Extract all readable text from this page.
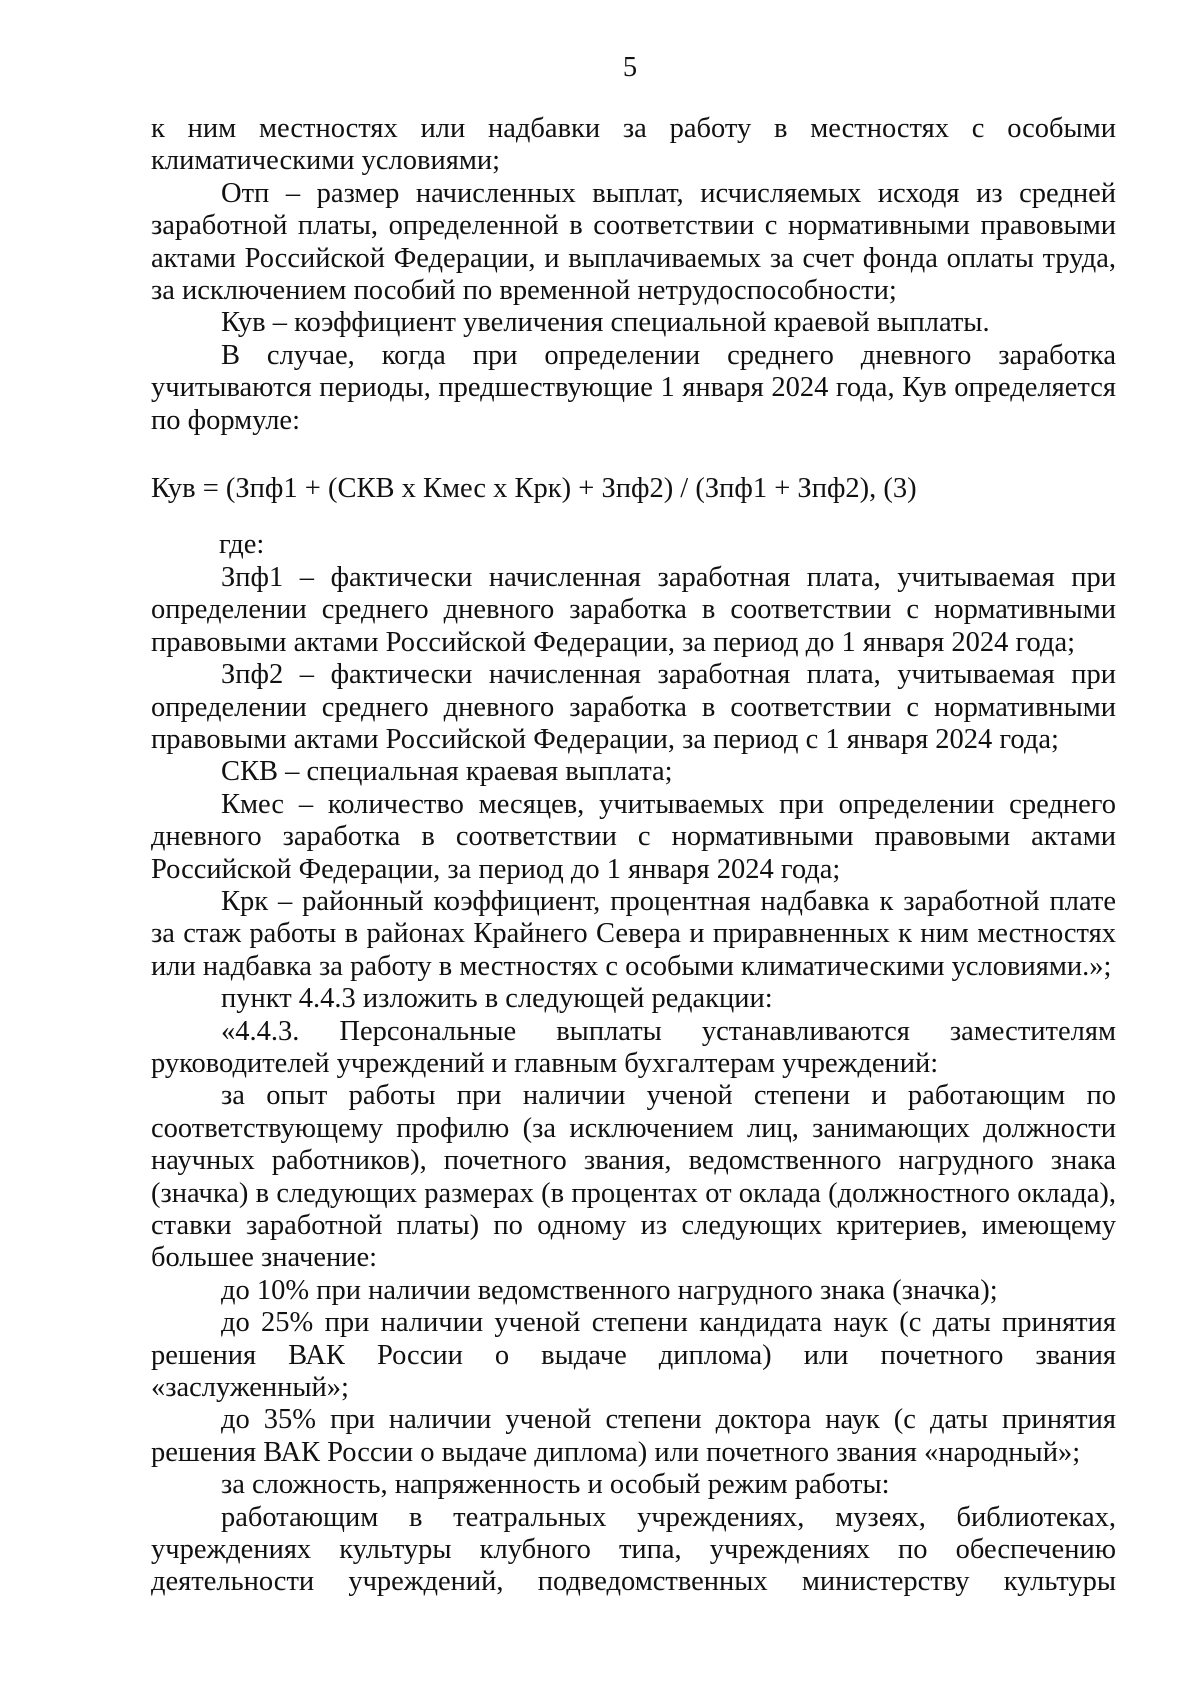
5

к ним местностях или надбавки за работу в местностях с особыми климатическими условиями;

Отп – размер начисленных выплат, исчисляемых исходя из средней заработной платы, определенной в соответствии с нормативными правовыми актами Российской Федерации, и выплачиваемых за счет фонда оплаты труда, за исключением пособий по временной нетрудоспособности;

Кув – коэффициент увеличения специальной краевой выплаты.

В случае, когда при определении среднего дневного заработка учитываются периоды, предшествующие 1 января 2024 года, Кув определяется по формуле:

Кув = (Зпф1 + (СКВ х Кмес х Крк) + Зпф2) / (Зпф1 + Зпф2), (3)

где:

Зпф1 – фактически начисленная заработная плата, учитываемая при определении среднего дневного заработка в соответствии с нормативными правовыми актами Российской Федерации, за период до 1 января 2024 года;

Зпф2 – фактически начисленная заработная плата, учитываемая при определении среднего дневного заработка в соответствии с нормативными правовыми актами Российской Федерации, за период с 1 января 2024 года;

СКВ – специальная краевая выплата;

Кмес – количество месяцев, учитываемых при определении среднего дневного заработка в соответствии с нормативными правовыми актами Российской Федерации, за период до 1 января 2024 года;

Крк – районный коэффициент, процентная надбавка к заработной плате за стаж работы в районах Крайнего Севера и приравненных к ним местностях или надбавка за работу в местностях с особыми климатическими условиями.»;

пункт 4.4.3 изложить в следующей редакции:

«4.4.3. Персональные выплаты устанавливаются заместителям руководителей учреждений и главным бухгалтерам учреждений:

за опыт работы при наличии ученой степени и работающим по соответствующему профилю (за исключением лиц, занимающих должности научных работников), почетного звания, ведомственного нагрудного знака (значка) в следующих размерах (в процентах от оклада (должностного оклада), ставки заработной платы) по одному из следующих критериев, имеющему большее значение:

до 10% при наличии ведомственного нагрудного знака (значка);

до 25% при наличии ученой степени кандидата наук (с даты принятия решения ВАК России о выдаче диплома) или почетного звания «заслуженный»;

до 35% при наличии ученой степени доктора наук (с даты принятия решения ВАК России о выдаче диплома) или почетного звания «народный»;

за сложность, напряженность и особый режим работы:

работающим в театральных учреждениях, музеях, библиотеках, учреждениях культуры клубного типа, учреждениях по обеспечению деятельности учреждений, подведомственных министерству культуры
